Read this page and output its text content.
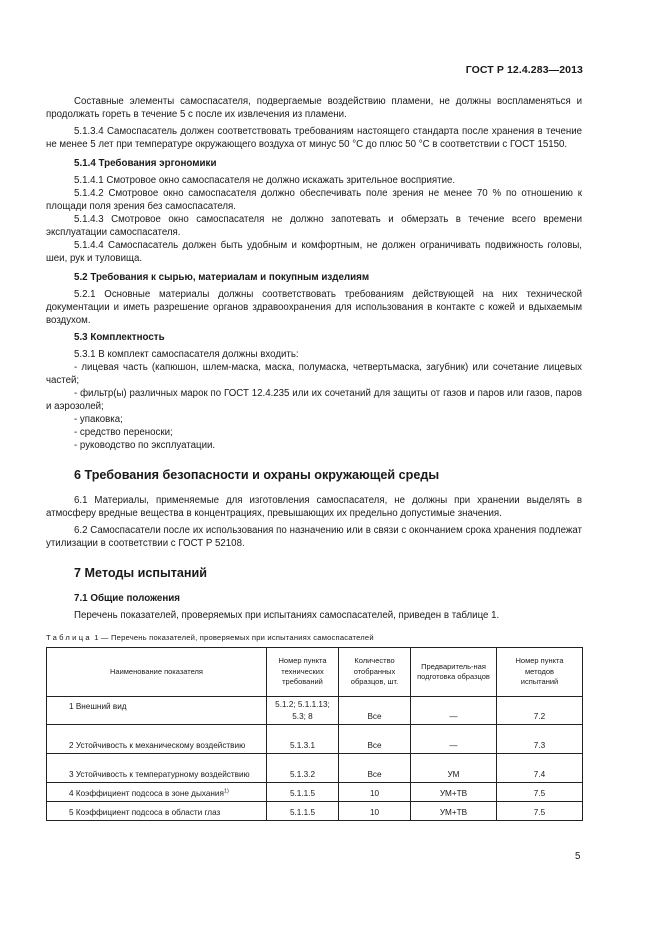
ГОСТ Р 12.4.283—2013

Составные элементы самоспасателя, подвергаемые воздействию пламени, не должны воспламеняться и продолжать гореть в течение 5 с после их извлечения из пламени.

5.1.3.4 Самоспасатель должен соответствовать требованиям настоящего стандарта после хранения в течение не менее 5 лет при температуре окружающего воздуха от минус 50 °С до плюс 50 °С в соответствии с ГОСТ 15150.

5.1.4 Требования эргономики

5.1.4.1 Смотровое окно самоспасателя не должно искажать зрительное восприятие.

5.1.4.2 Смотровое окно самоспасателя должно обеспечивать поле зрения не менее 70 % по отношению к площади поля зрения без самоспасателя.

5.1.4.3 Смотровое окно самоспасателя не должно запотевать и обмерзать в течение всего времени эксплуатации самоспасателя.

5.1.4.4 Самоспасатель должен быть удобным и комфортным, не должен ограничивать подвижность головы, шеи, рук и туловища.

5.2 Требования к сырью, материалам и покупным изделиям

5.2.1 Основные материалы должны соответствовать требованиям действующей на них технической документации и иметь разрешение органов здравоохранения для использования в контакте с кожей и вдыхаемым воздухом.

5.3 Комплектность

5.3.1 В комплект самоспасателя должны входить:

- лицевая часть (капюшон, шлем-маска, маска, полумаска, четвертьмаска, загубник) или сочетание лицевых частей;

- фильтр(ы) различных марок по ГОСТ 12.4.235 или их сочетаний для защиты от газов и паров или газов, паров и аэрозолей;

- упаковка;

- средство переноски;

- руководство по эксплуатации.

6 Требования безопасности и охраны окружающей среды

6.1 Материалы, применяемые для изготовления самоспасателя, не должны при хранении выделять в атмосферу вредные вещества в концентрациях, превышающих их предельно допустимые значения.

6.2 Самоспасатели после их использования по назначению или в связи с окончанием срока хранения подлежат утилизации в соответствии с ГОСТ Р 52108.

7 Методы испытаний
7.1 Общие положения

Перечень показателей, проверяемых при испытаниях самоспасателей, приведен в таблице 1.

Таблица 1 — Перечень показателей, проверяемых при испытаниях самоспасателей
Наименование показателя	Номер пункта технических требований	Количество отобранных образцов, шт.	Предваритель-ная подготовка образцов	Номер пункта методов испытаний

1 Внешний вид	5.1.2; 5.1.1.13; 5.3; 8	Все	—	7.2

2 Устойчивость к механическому воздействию	5.1.3.1	Все	—	7.3

3 Устойчивость к температурному воздействию	5.1.3.2	Все	УМ	7.4

4 Коэффициент подсоса в зоне дыхания$^{1)}$	5.1.1.5	10	УМ+ТВ	7.5

5 Коэффициент подсоса в области глаз	5.1.1.5	10	УМ+ТВ	7.5
5
